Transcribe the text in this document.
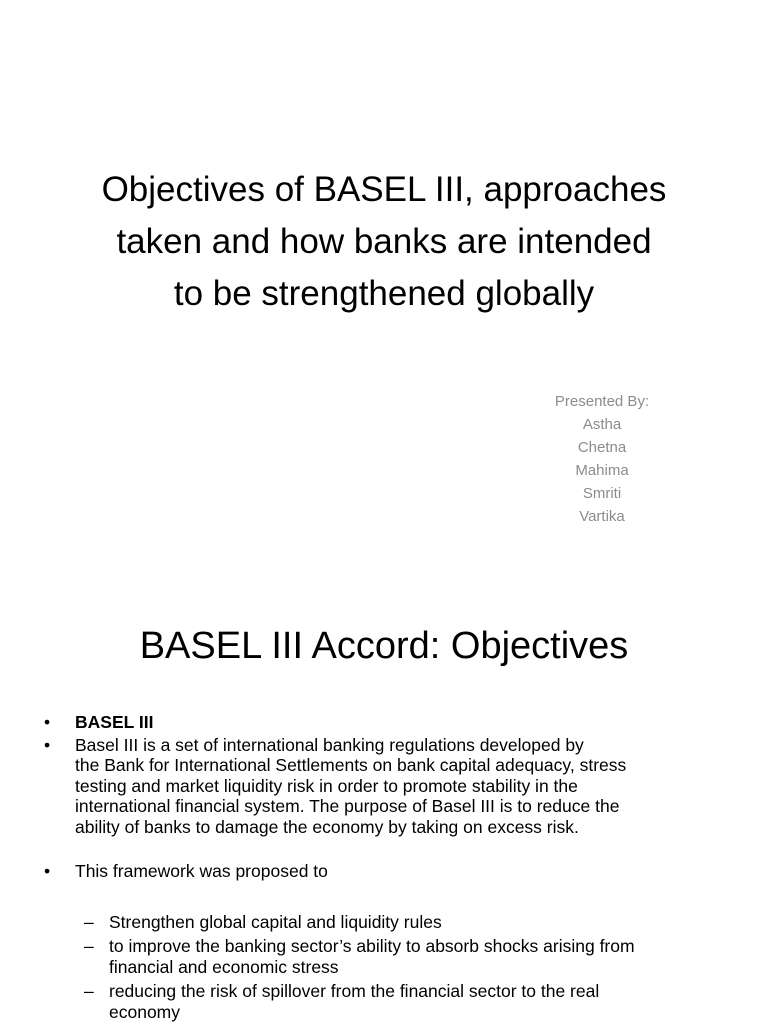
Objectives of BASEL III, approaches
taken and how banks are intended
to be strengthened globally
Presented By:
Astha
Chetna
Mahima
Smriti
Vartika
BASEL III Accord: Objectives
• BASEL III
• Basel III is a set of international banking regulations developed by
the Bank for International Settlements on bank capital adequacy, stress
testing and market liquidity risk in order to promote stability in the
international financial system. The purpose of Basel III is to reduce the
ability of banks to damage the economy by taking on excess risk.
• This framework was proposed to
– Strengthen global capital and liquidity rules
– to improve the banking sector’s ability to absorb shocks arising from
financial and economic stress
– reducing the risk of spillover from the financial sector to the real
economy
